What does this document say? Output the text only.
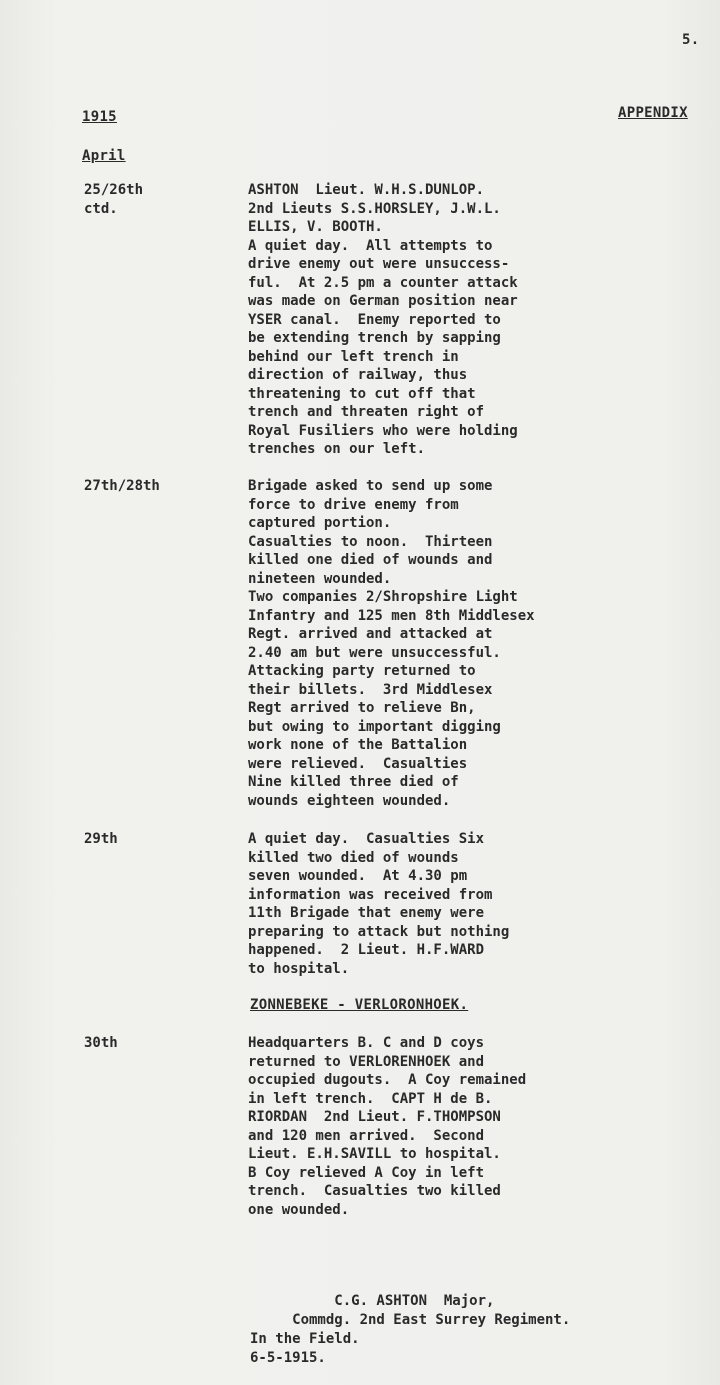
5.
1915	APPENDIX
April
25/26th
ctd.
ASHTON  Lieut. W.H.S.DUNLOP.
2nd Lieuts S.S.HORSLEY, J.W.L.
ELLIS, V. BOOTH.
A quiet day.  All attempts to
drive enemy out were unsuccess-
ful.  At 2.5 pm a counter attack
was made on German position near
YSER canal.  Enemy reported to
be extending trench by sapping
behind our left trench in
direction of railway, thus
threatening to cut off that
trench and threaten right of
Royal Fusiliers who were holding
trenches on our left.
27th/28th	Brigade asked to send up some
force to drive enemy from
captured portion.
Casualties to noon.  Thirteen
killed one died of wounds and
nineteen wounded.
Two companies 2/Shropshire Light
Infantry and 125 men 8th Middlesex
Regt. arrived and attacked at
2.40 am but were unsuccessful.
Attacking party returned to
their billets.  3rd Middlesex
Regt arrived to relieve Bn,
but owing to important digging
work none of the Battalion
were relieved.  Casualties
Nine killed three died of
wounds eighteen wounded.
29th	A quiet day.  Casualties Six
killed two died of wounds
seven wounded.  At 4.30 pm
information was received from
11th Brigade that enemy were
preparing to attack but nothing
happened.  2 Lieut. H.F.WARD
to hospital.
ZONNEBEKE - VERLORONHOEK.
30th	Headquarters B. C and D coys
returned to VERLORENHOEK and
occupied dugouts.  A Coy remained
in left trench.  CAPT H de B.
RIORDAN  2nd Lieut. F.THOMPSON
and 120 men arrived.  Second
Lieut. E.H.SAVILL to hospital.
B Coy relieved A Coy in left
trench.  Casualties two killed
one wounded.
C.G. ASHTON  Major,
Commdg. 2nd East Surrey Regiment.
In the Field.
6-5-1915.
